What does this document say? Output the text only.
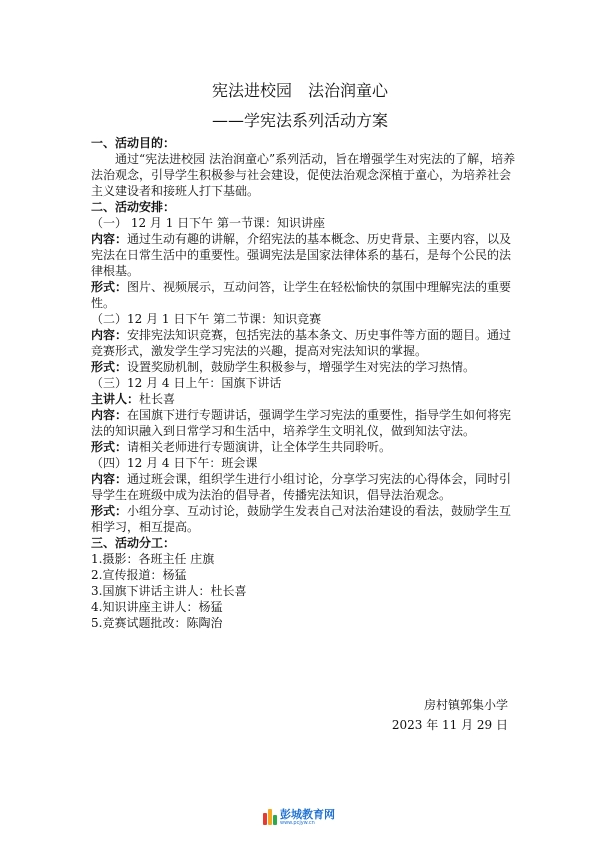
宪法进校园　法治润童心
——学宪法系列活动方案
一、活动目的：
通过“宪法进校园 法治润童心”系列活动，旨在增强学生对宪法的了解，培养法治观念，引导学生积极参与社会建设，促使法治观念深植于童心，为培养社会主义建设者和接班人打下基础。
二、活动安排：
（一） 12 月 1 日下午 第一节课：知识讲座
内容：通过生动有趣的讲解，介绍宪法的基本概念、历史背景、主要内容，以及宪法在日常生活中的重要性。强调宪法是国家法律体系的基石，是每个公民的法律根基。
形式：图片、视频展示，互动问答，让学生在轻松愉快的氛围中理解宪法的重要性。
（二）12 月 1 日下午 第二节课：知识竞赛
内容：安排宪法知识竞赛，包括宪法的基本条文、历史事件等方面的题目。通过竞赛形式，激发学生学习宪法的兴趣，提高对宪法知识的掌握。
形式：设置奖励机制，鼓励学生积极参与，增强学生对宪法的学习热情。
（三）12 月 4 日上午：国旗下讲话
主讲人：杜长喜
内容：在国旗下进行专题讲话，强调学生学习宪法的重要性，指导学生如何将宪法的知识融入到日常学习和生活中，培养学生文明礼仪，做到知法守法。
形式：请相关老师进行专题演讲，让全体学生共同聆听。
（四）12 月 4 日下午：班会课
内容：通过班会课，组织学生进行小组讨论，分享学习宪法的心得体会，同时引导学生在班级中成为法治的倡导者，传播宪法知识，倡导法治观念。
形式：小组分享、互动讨论，鼓励学生发表自己对法治建设的看法，鼓励学生互相学习，相互提高。
三、活动分工：
1.摄影：各班主任 庄旗
2.宣传报道：杨猛
3.国旗下讲话主讲人：杜长喜
4.知识讲座主讲人：杨猛
5.竞赛试题批改：陈陶治
房村镇郭集小学
2023 年 11 月 29 日
彭城教育网
www.pcjyw.cn
